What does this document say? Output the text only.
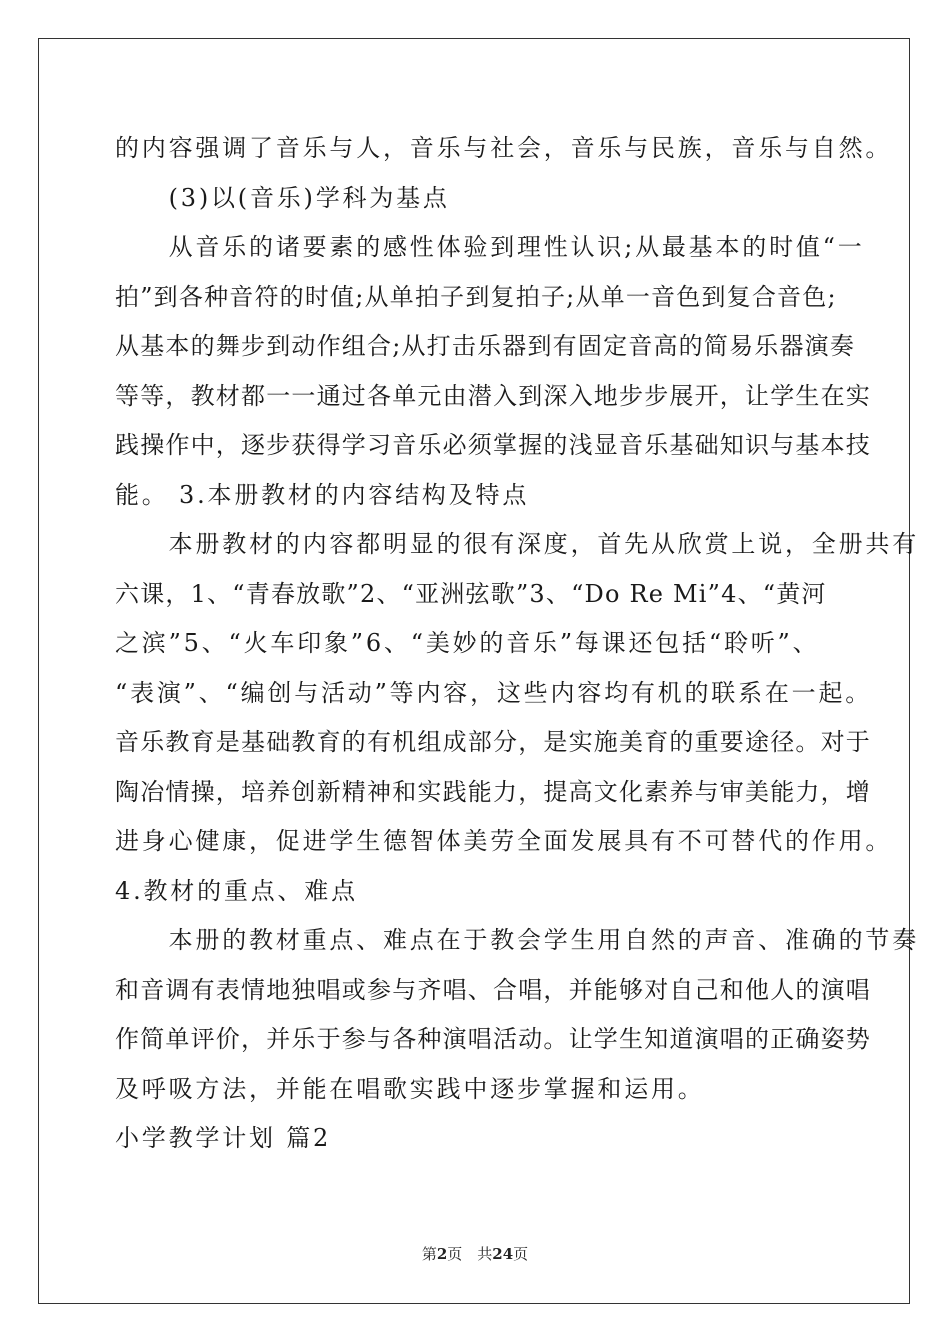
的内容强调了音乐与人，音乐与社会，音乐与民族，音乐与自然。
　　(3)以(音乐)学科为基点
　　从音乐的诸要素的感性体验到理性认识;从最基本的时值“一
拍”到各种音符的时值;从单拍子到复拍子;从单一音色到复合音色;
从基本的舞步到动作组合;从打击乐器到有固定音高的简易乐器演奏
等等，教材都一一通过各单元由潜入到深入地步步展开，让学生在实
践操作中，逐步获得学习音乐必须掌握的浅显音乐基础知识与基本技
能。 3.本册教材的内容结构及特点
　　本册教材的内容都明显的很有深度，首先从欣赏上说，全册共有
六课，1、“青春放歌”2、“亚洲弦歌”3、“Do Re Mi”4、“黄河
之滨”5、“火车印象”6、“美妙的音乐”每课还包括“聆听”、
“表演”、“编创与活动”等内容，这些内容均有机的联系在一起。
音乐教育是基础教育的有机组成部分，是实施美育的重要途径。对于
陶冶情操，培养创新精神和实践能力，提高文化素养与审美能力，增
进身心健康，促进学生德智体美劳全面发展具有不可替代的作用。
4.教材的重点、难点
　　本册的教材重点、难点在于教会学生用自然的声音、准确的节奏
和音调有表情地独唱或参与齐唱、合唱，并能够对自己和他人的演唱
作简单评价，并乐于参与各种演唱活动。让学生知道演唱的正确姿势
及呼吸方法，并能在唱歌实践中逐步掌握和运用。
小学教学计划 篇2
第2页　共24页
